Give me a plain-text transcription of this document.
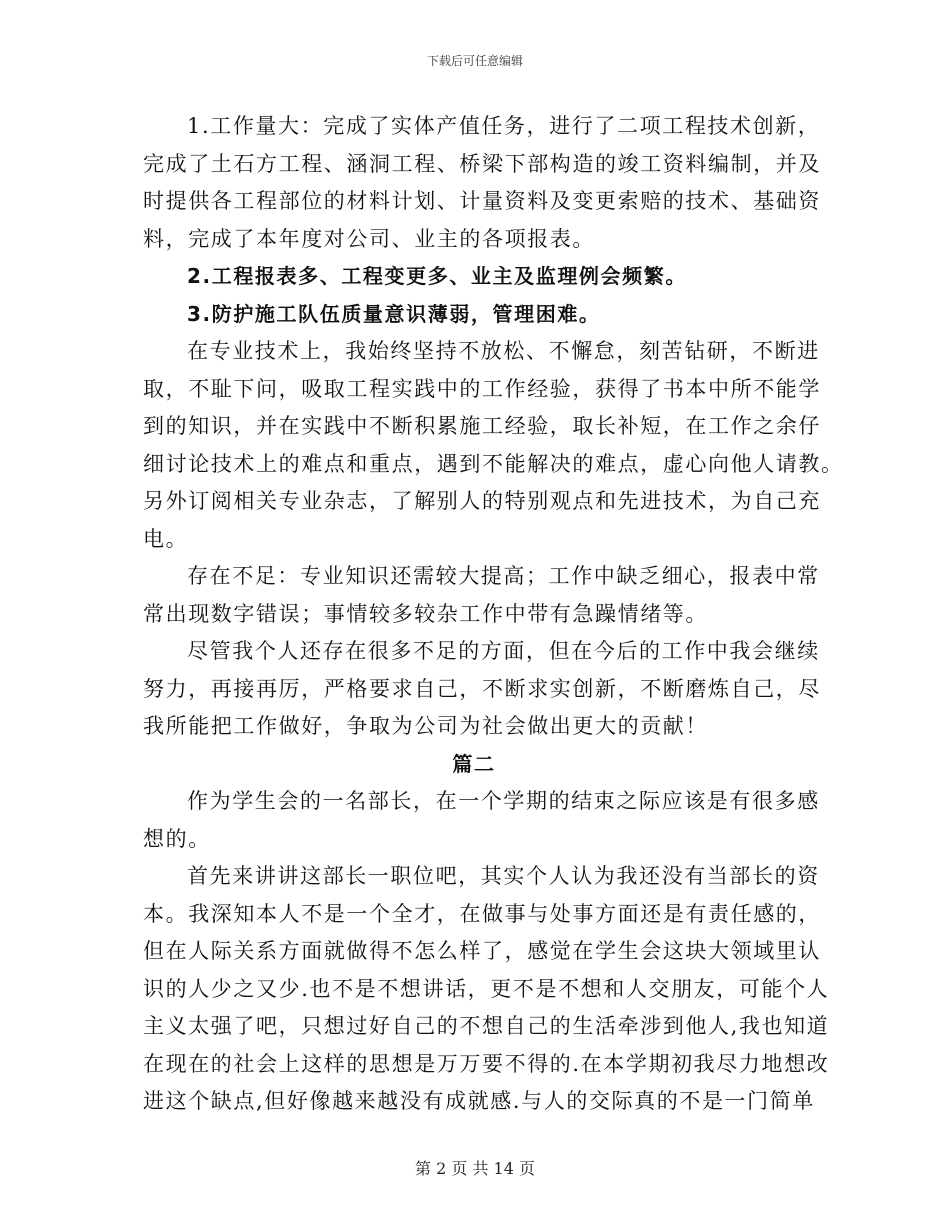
下载后可任意编辑
1.工作量大：完成了实体产值任务，进行了二项工程技术创新，
完成了土石方工程、涵洞工程、桥梁下部构造的竣工资料编制，并及
时提供各工程部位的材料计划、计量资料及变更索赔的技术、基础资
料，完成了本年度对公司、业主的各项报表。
2.工程报表多、工程变更多、业主及监理例会频繁。
3.防护施工队伍质量意识薄弱，管理困难。
在专业技术上，我始终坚持不放松、不懈怠，刻苦钻研，不断进
取，不耻下问，吸取工程实践中的工作经验，获得了书本中所不能学
到的知识，并在实践中不断积累施工经验，取长补短，在工作之余仔
细讨论技术上的难点和重点，遇到不能解决的难点，虚心向他人请教。
另外订阅相关专业杂志，了解别人的特别观点和先进技术，为自己充
电。
存在不足：专业知识还需较大提高；工作中缺乏细心，报表中常
常出现数字错误；事情较多较杂工作中带有急躁情绪等。
尽管我个人还存在很多不足的方面，但在今后的工作中我会继续
努力，再接再厉，严格要求自己，不断求实创新，不断磨炼自己，尽
我所能把工作做好，争取为公司为社会做出更大的贡献！
篇二
作为学生会的一名部长，在一个学期的结束之际应该是有很多感
想的。
首先来讲讲这部长一职位吧，其实个人认为我还没有当部长的资
本。我深知本人不是一个全才，在做事与处事方面还是有责任感的，
但在人际关系方面就做得不怎么样了，感觉在学生会这块大领域里认
识的人少之又少.也不是不想讲话，更不是不想和人交朋友，可能个人
主义太强了吧，只想过好自己的不想自己的生活牵涉到他人,我也知道
在现在的社会上这样的思想是万万要不得的.在本学期初我尽力地想改
进这个缺点,但好像越来越没有成就感.与人的交际真的不是一门简单
第 2 页 共 14 页
